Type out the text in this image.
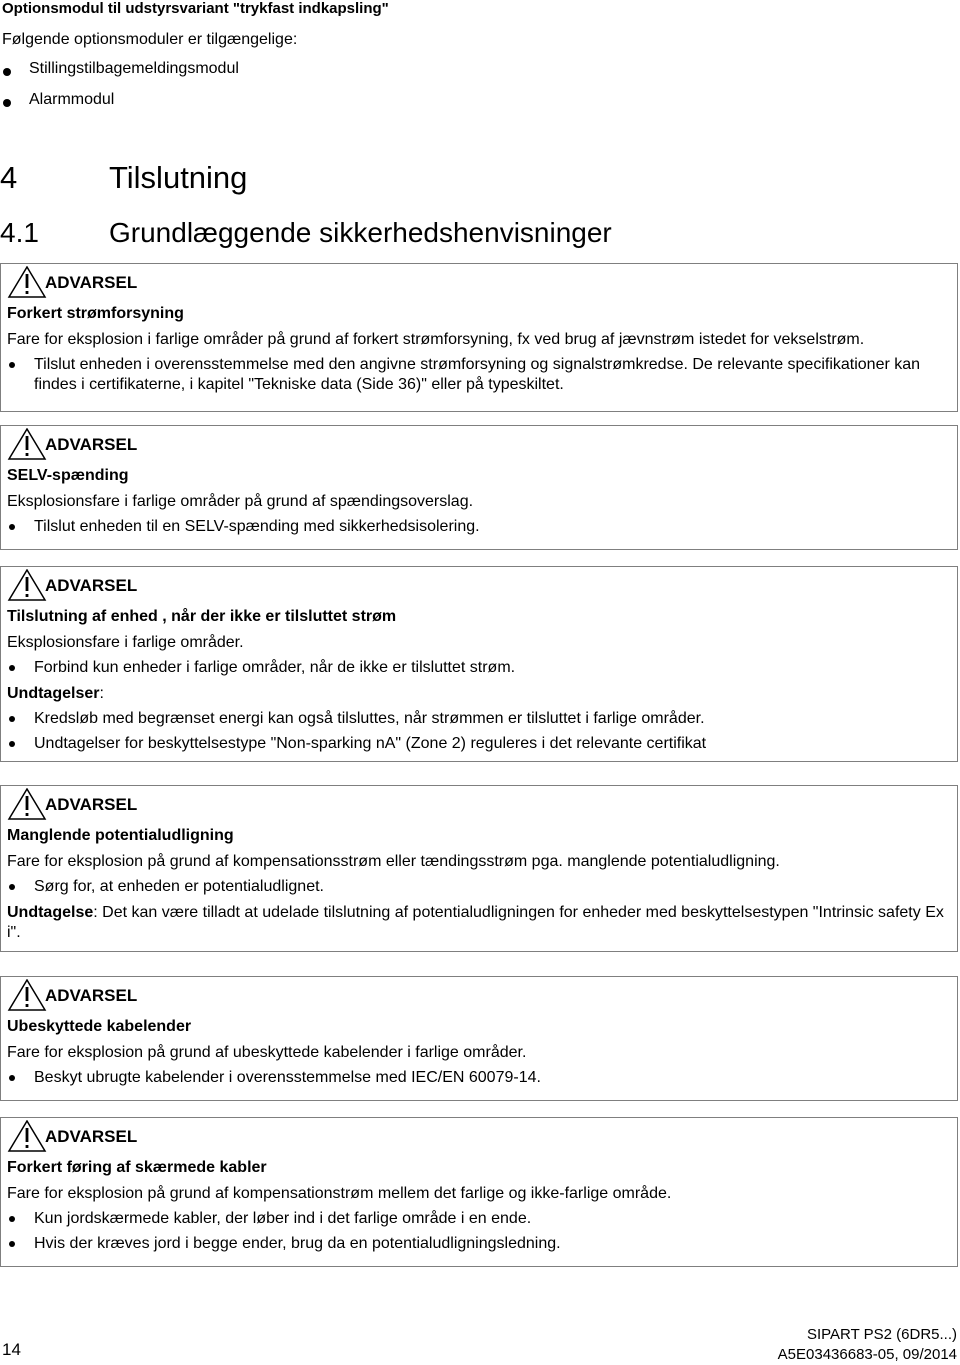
Optionsmodul til udstyrsvariant "trykfast indkapsling"
Følgende optionsmoduler er tilgængelige:
Stillingstilbagemeldingsmodul
Alarmmodul
4	Tilslutning
4.1	Grundlæggende sikkerhedshenvisninger
ADVARSEL
Forkert strømforsyning
Fare for eksplosion i farlige områder på grund af forkert strømforsyning, fx ved brug af jævnstrøm istedet for vekselstrøm.
Tilslut enheden i overensstemmelse med den angivne strømforsyning og signalstrømkredse. De relevante specifikationer kan findes i certifikaterne, i kapitel "Tekniske data (Side 36)" eller på typeskiltet.
ADVARSEL
SELV-spænding
Eksplosionsfare i farlige områder på grund af spændingsoverslag.
Tilslut enheden til en SELV-spænding med sikkerhedsisolering.
ADVARSEL
Tilslutning af enhed , når der ikke er tilsluttet strøm
Eksplosionsfare i farlige områder.
Forbind kun enheder i farlige områder, når de ikke er tilsluttet strøm.
Undtagelser:
Kredsløb med begrænset energi kan også tilsluttes, når strømmen er tilsluttet i farlige områder.
Undtagelser for beskyttelsestype "Non-sparking nA" (Zone 2) reguleres i det relevante certifikat
ADVARSEL
Manglende potentialudligning
Fare for eksplosion på grund af kompensationsstrøm eller tændingsstrøm pga. manglende potentialudligning.
Sørg for, at enheden er potentialudlignet.
Undtagelse: Det kan være tilladt at udelade tilslutning af potentialudligningen for enheder med beskyttelsestypen "Intrinsic safety Ex i".
ADVARSEL
Ubeskyttede kabelender
Fare for eksplosion på grund af ubeskyttede kabelender i farlige områder.
Beskyt ubrugte kabelender i overensstemmelse med IEC/EN 60079-14.
ADVARSEL
Forkert føring af skærmede kabler
Fare for eksplosion på grund af kompensationstrøm mellem det farlige og ikke-farlige område.
Kun jordskærmede kabler, der løber ind i det farlige område i en ende.
Hvis der kræves jord i begge ender, brug da en potentialudligningsledning.
14
SIPART PS2 (6DR5...)
A5E03436683-05, 09/2014
